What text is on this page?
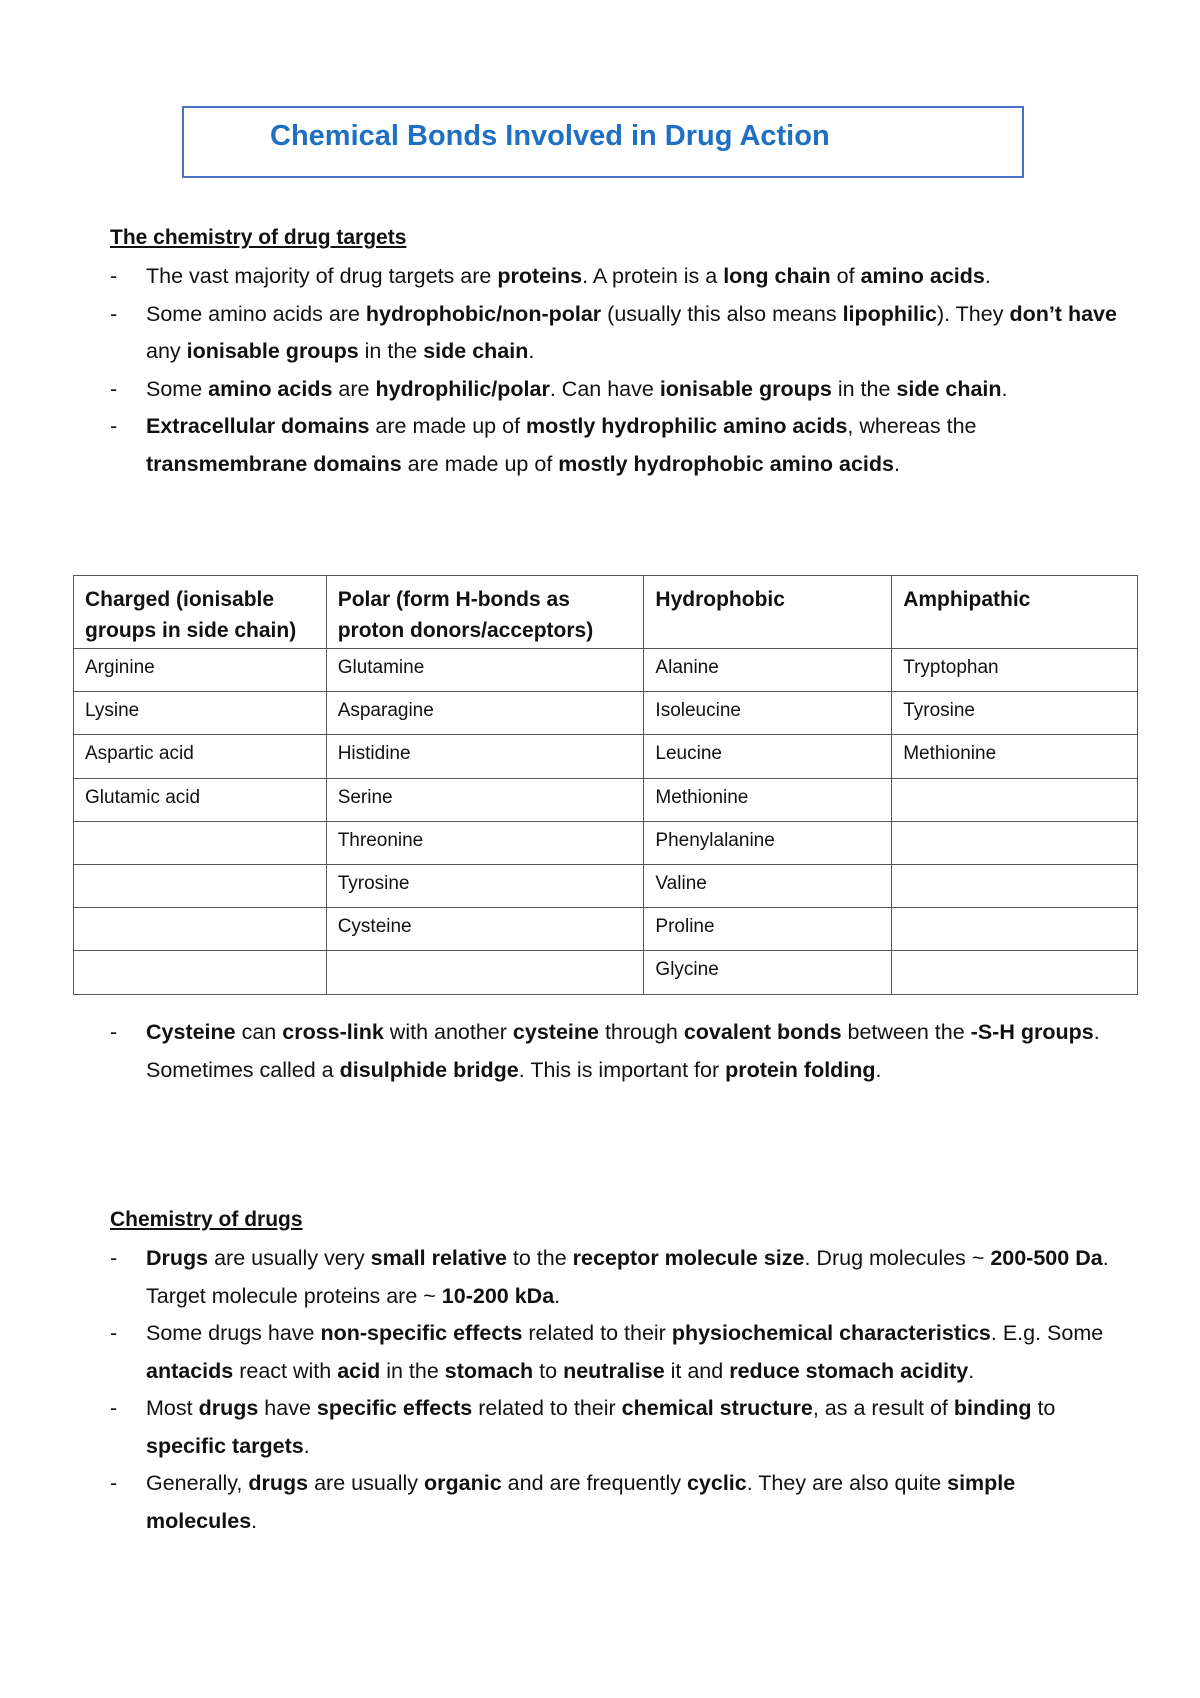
Chemical Bonds Involved in Drug Action
The chemistry of drug targets
- The vast majority of drug targets are proteins. A protein is a long chain of amino acids.
- Some amino acids are hydrophobic/non-polar (usually this also means lipophilic). They don’t have any ionisable groups in the side chain.
- Some amino acids are hydrophilic/polar. Can have ionisable groups in the side chain.
- Extracellular domains are made up of mostly hydrophilic amino acids, whereas the transmembrane domains are made up of mostly hydrophobic amino acids.
Charged (ionisable groups in side chain)	Polar (form H-bonds as proton donors/acceptors)	Hydrophobic	Amphipathic
Arginine	Glutamine	Alanine	Tryptophan
Lysine	Asparagine	Isoleucine	Tyrosine
Aspartic acid	Histidine	Leucine	Methionine
Glutamic acid	Serine	Methionine	
	Threonine	Phenylalanine	
	Tyrosine	Valine	
	Cysteine	Proline	
		Glycine	
- Cysteine can cross-link with another cysteine through covalent bonds between the -S-H groups. Sometimes called a disulphide bridge. This is important for protein folding.
Chemistry of drugs
- Drugs are usually very small relative to the receptor molecule size. Drug molecules ~ 200-500 Da. Target molecule proteins are ~ 10-200 kDa.
- Some drugs have non-specific effects related to their physiochemical characteristics. E.g. Some antacids react with acid in the stomach to neutralise it and reduce stomach acidity.
- Most drugs have specific effects related to their chemical structure, as a result of binding to specific targets.
- Generally, drugs are usually organic and are frequently cyclic. They are also quite simple molecules.
